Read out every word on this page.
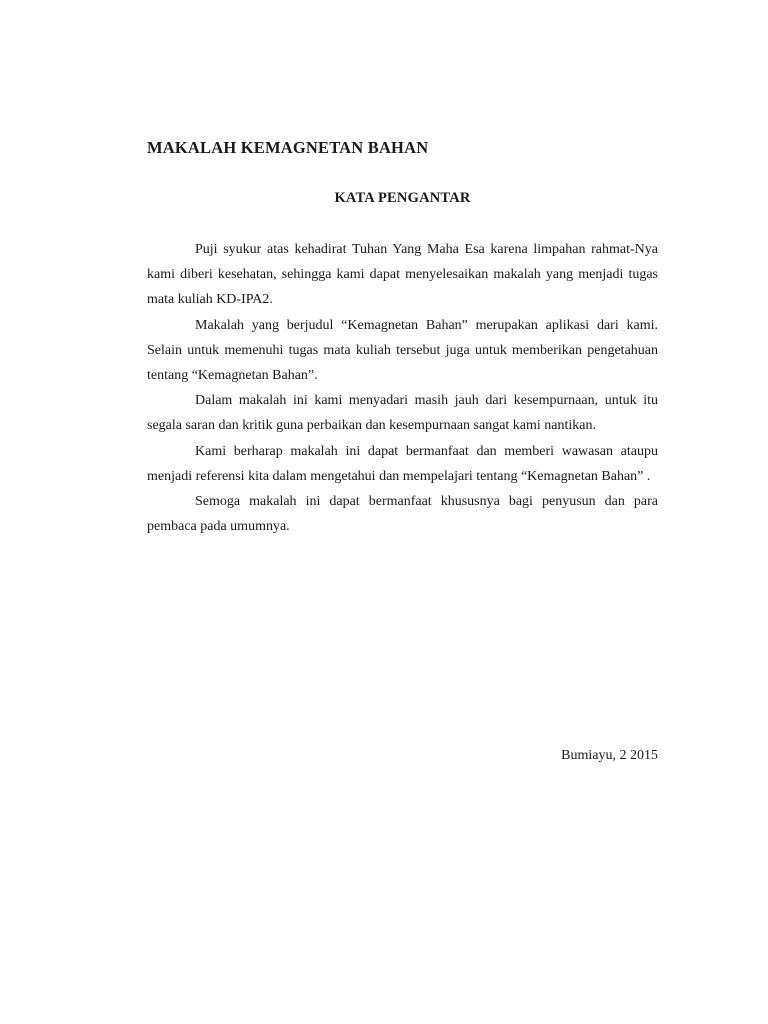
MAKALAH KEMAGNETAN BAHAN
KATA PENGANTAR

Puji syukur atas kehadirat Tuhan Yang Maha Esa karena limpahan rahmat-Nya kami diberi kesehatan, sehingga kami dapat menyelesaikan makalah yang menjadi tugas mata kuliah KD-IPA2.

Makalah yang berjudul “Kemagnetan Bahan” merupakan aplikasi dari kami. Selain untuk memenuhi tugas mata kuliah tersebut juga untuk memberikan pengetahuan tentang “Kemagnetan Bahan”.

Dalam makalah ini kami menyadari masih jauh dari kesempurnaan, untuk itu segala saran dan kritik guna perbaikan dan kesempurnaan sangat kami nantikan.

Kami berharap makalah ini dapat bermanfaat dan memberi wawasan ataupu menjadi referensi kita dalam mengetahui dan mempelajari tentang “Kemagnetan Bahan” .

Semoga makalah ini dapat bermanfaat khususnya bagi penyusun dan para pembaca pada umumnya.

Bumiayu, 2 2015
